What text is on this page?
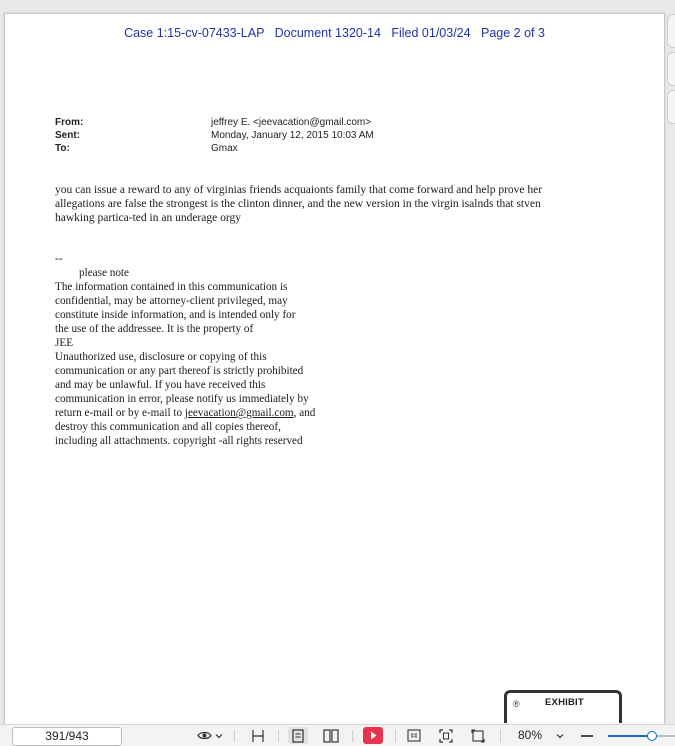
Case 1:15-cv-07433-LAP   Document 1320-14   Filed 01/03/24   Page 2 of 3
From:	jeffrey E. <jeevacation@gmail.com>
Sent:	Monday, January 12, 2015 10:03 AM
To:	Gmax
you can issue a reward to any of virginias friends acquaionts family that come forward and help prove her
allegations are false the strongest is the clinton dinner, and the new version in the virgin isalnds that stven
hawking partica-ted in an underage orgy
--
please note
The information contained in this communication is
confidential, may be attorney-client privileged, may
constitute inside information, and is intended only for
the use of the addressee. It is the property of
JEE
Unauthorized use, disclosure or copying of this
communication or any part thereof is strictly prohibited
and may be unlawful. If you have received this
communication in error, please notify us immediately by
return e-mail or by e-mail to jeevacation@gmail.com, and
destroy this communication and all copies thereof,
including all attachments. copyright -all rights reserved
®	EXHIBIT
391/943	80%
